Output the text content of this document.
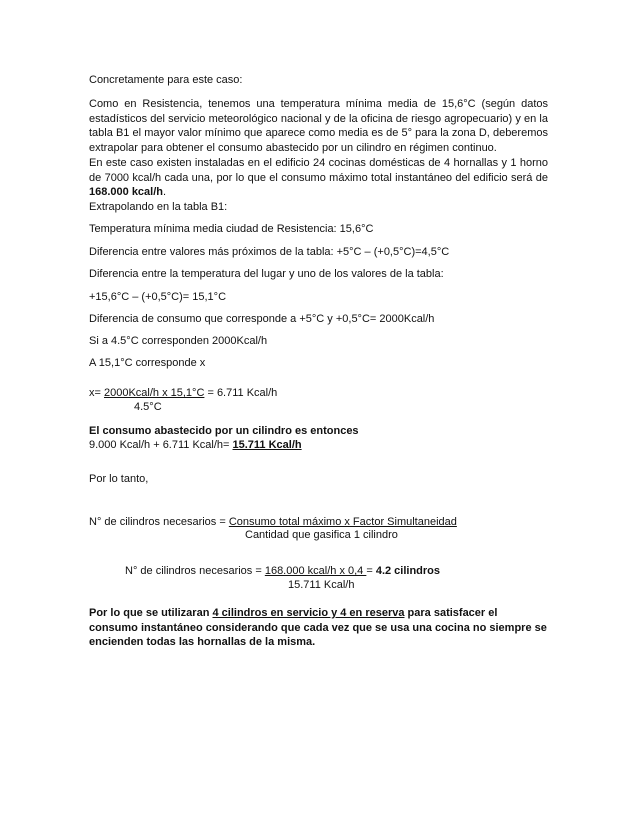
Concretamente para este caso:
Como en Resistencia, tenemos una temperatura mínima media de 15,6°C (según datos estadísticos del servicio meteorológico nacional y de la oficina de riesgo agropecuario) y en la tabla B1 el mayor valor mínimo que aparece como media es de 5° para la zona D, deberemos extrapolar para obtener el consumo abastecido por un cilindro en régimen continuo.
En este caso existen instaladas en el edificio 24 cocinas domésticas de 4 hornallas y 1 horno de 7000 kcal/h cada una, por lo que el consumo máximo total instantáneo del edificio será de 168.000 kcal/h.
Extrapolando en la tabla B1:
Temperatura mínima media ciudad de Resistencia: 15,6°C
Diferencia entre valores más próximos de la tabla: +5°C – (+0,5°C)=4,5°C
Diferencia entre la temperatura del lugar y uno de los valores de la tabla:
+15,6°C – (+0,5°C)= 15,1°C
Diferencia de consumo que corresponde a +5°C y +0,5°C= 2000Kcal/h
Si a 4.5°C corresponden 2000Kcal/h
A 15,1°C corresponde x
x= 2000Kcal/h x 15,1°C = 6.711 Kcal/h
4.5°C
El consumo abastecido por un cilindro es entonces
9.000 Kcal/h + 6.711 Kcal/h= 15.711 Kcal/h
Por lo tanto,
N° de cilindros necesarios = Consumo total máximo x Factor Simultaneidad
Cantidad que gasifica 1 cilindro
N° de cilindros necesarios = 168.000 kcal/h x 0,4 = 4.2 cilindros
15.711 Kcal/h
Por lo que se utilizaran 4 cilindros en servicio y 4 en reserva para satisfacer el consumo instantáneo considerando que cada vez que se usa una cocina no siempre se encienden todas las hornallas de la misma.
